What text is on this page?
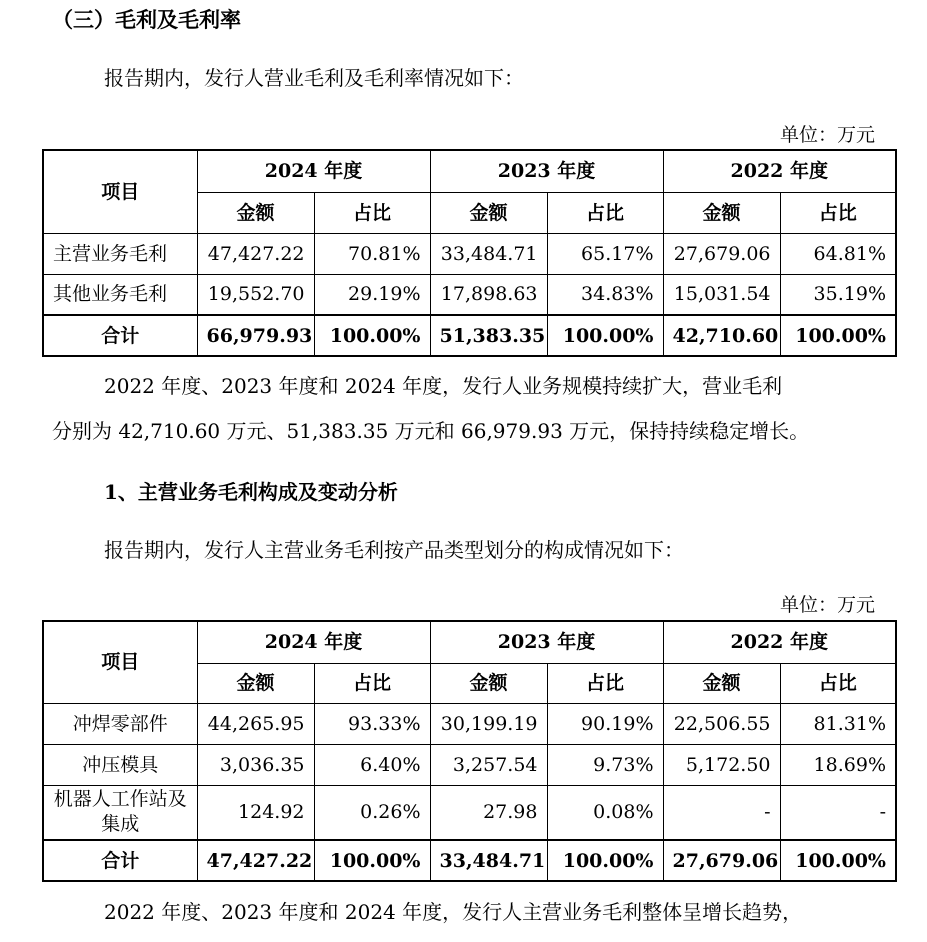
（三）毛利及毛利率
报告期内，发行人营业毛利及毛利率情况如下：
单位：万元
项目	2024 年度		2023 年度		2022 年度	
	金额	占比	金额	占比	金额	占比
主营业务毛利	47,427.22	70.81%	33,484.71	65.17%	27,679.06	64.81%
其他业务毛利	19,552.70	29.19%	17,898.63	34.83%	15,031.54	35.19%
合计	66,979.93	100.00%	51,383.35	100.00%	42,710.60	100.00%
2022 年度、2023 年度和 2024 年度，发行人业务规模持续扩大，营业毛利
分别为 42,710.60 万元、51,383.35 万元和 66,979.93 万元，保持持续稳定增长。
1、主营业务毛利构成及变动分析
报告期内，发行人主营业务毛利按产品类型划分的构成情况如下：
单位：万元
项目	2024 年度		2023 年度		2022 年度	
	金额	占比	金额	占比	金额	占比
冲焊零部件	44,265.95	93.33%	30,199.19	90.19%	22,506.55	81.31%
冲压模具	3,036.35	6.40%	3,257.54	9.73%	5,172.50	18.69%
机器人工作站及集成	124.92	0.26%	27.98	0.08%	-	-
合计	47,427.22	100.00%	33,484.71	100.00%	27,679.06	100.00%
2022 年度、2023 年度和 2024 年度，发行人主营业务毛利整体呈增长趋势，
